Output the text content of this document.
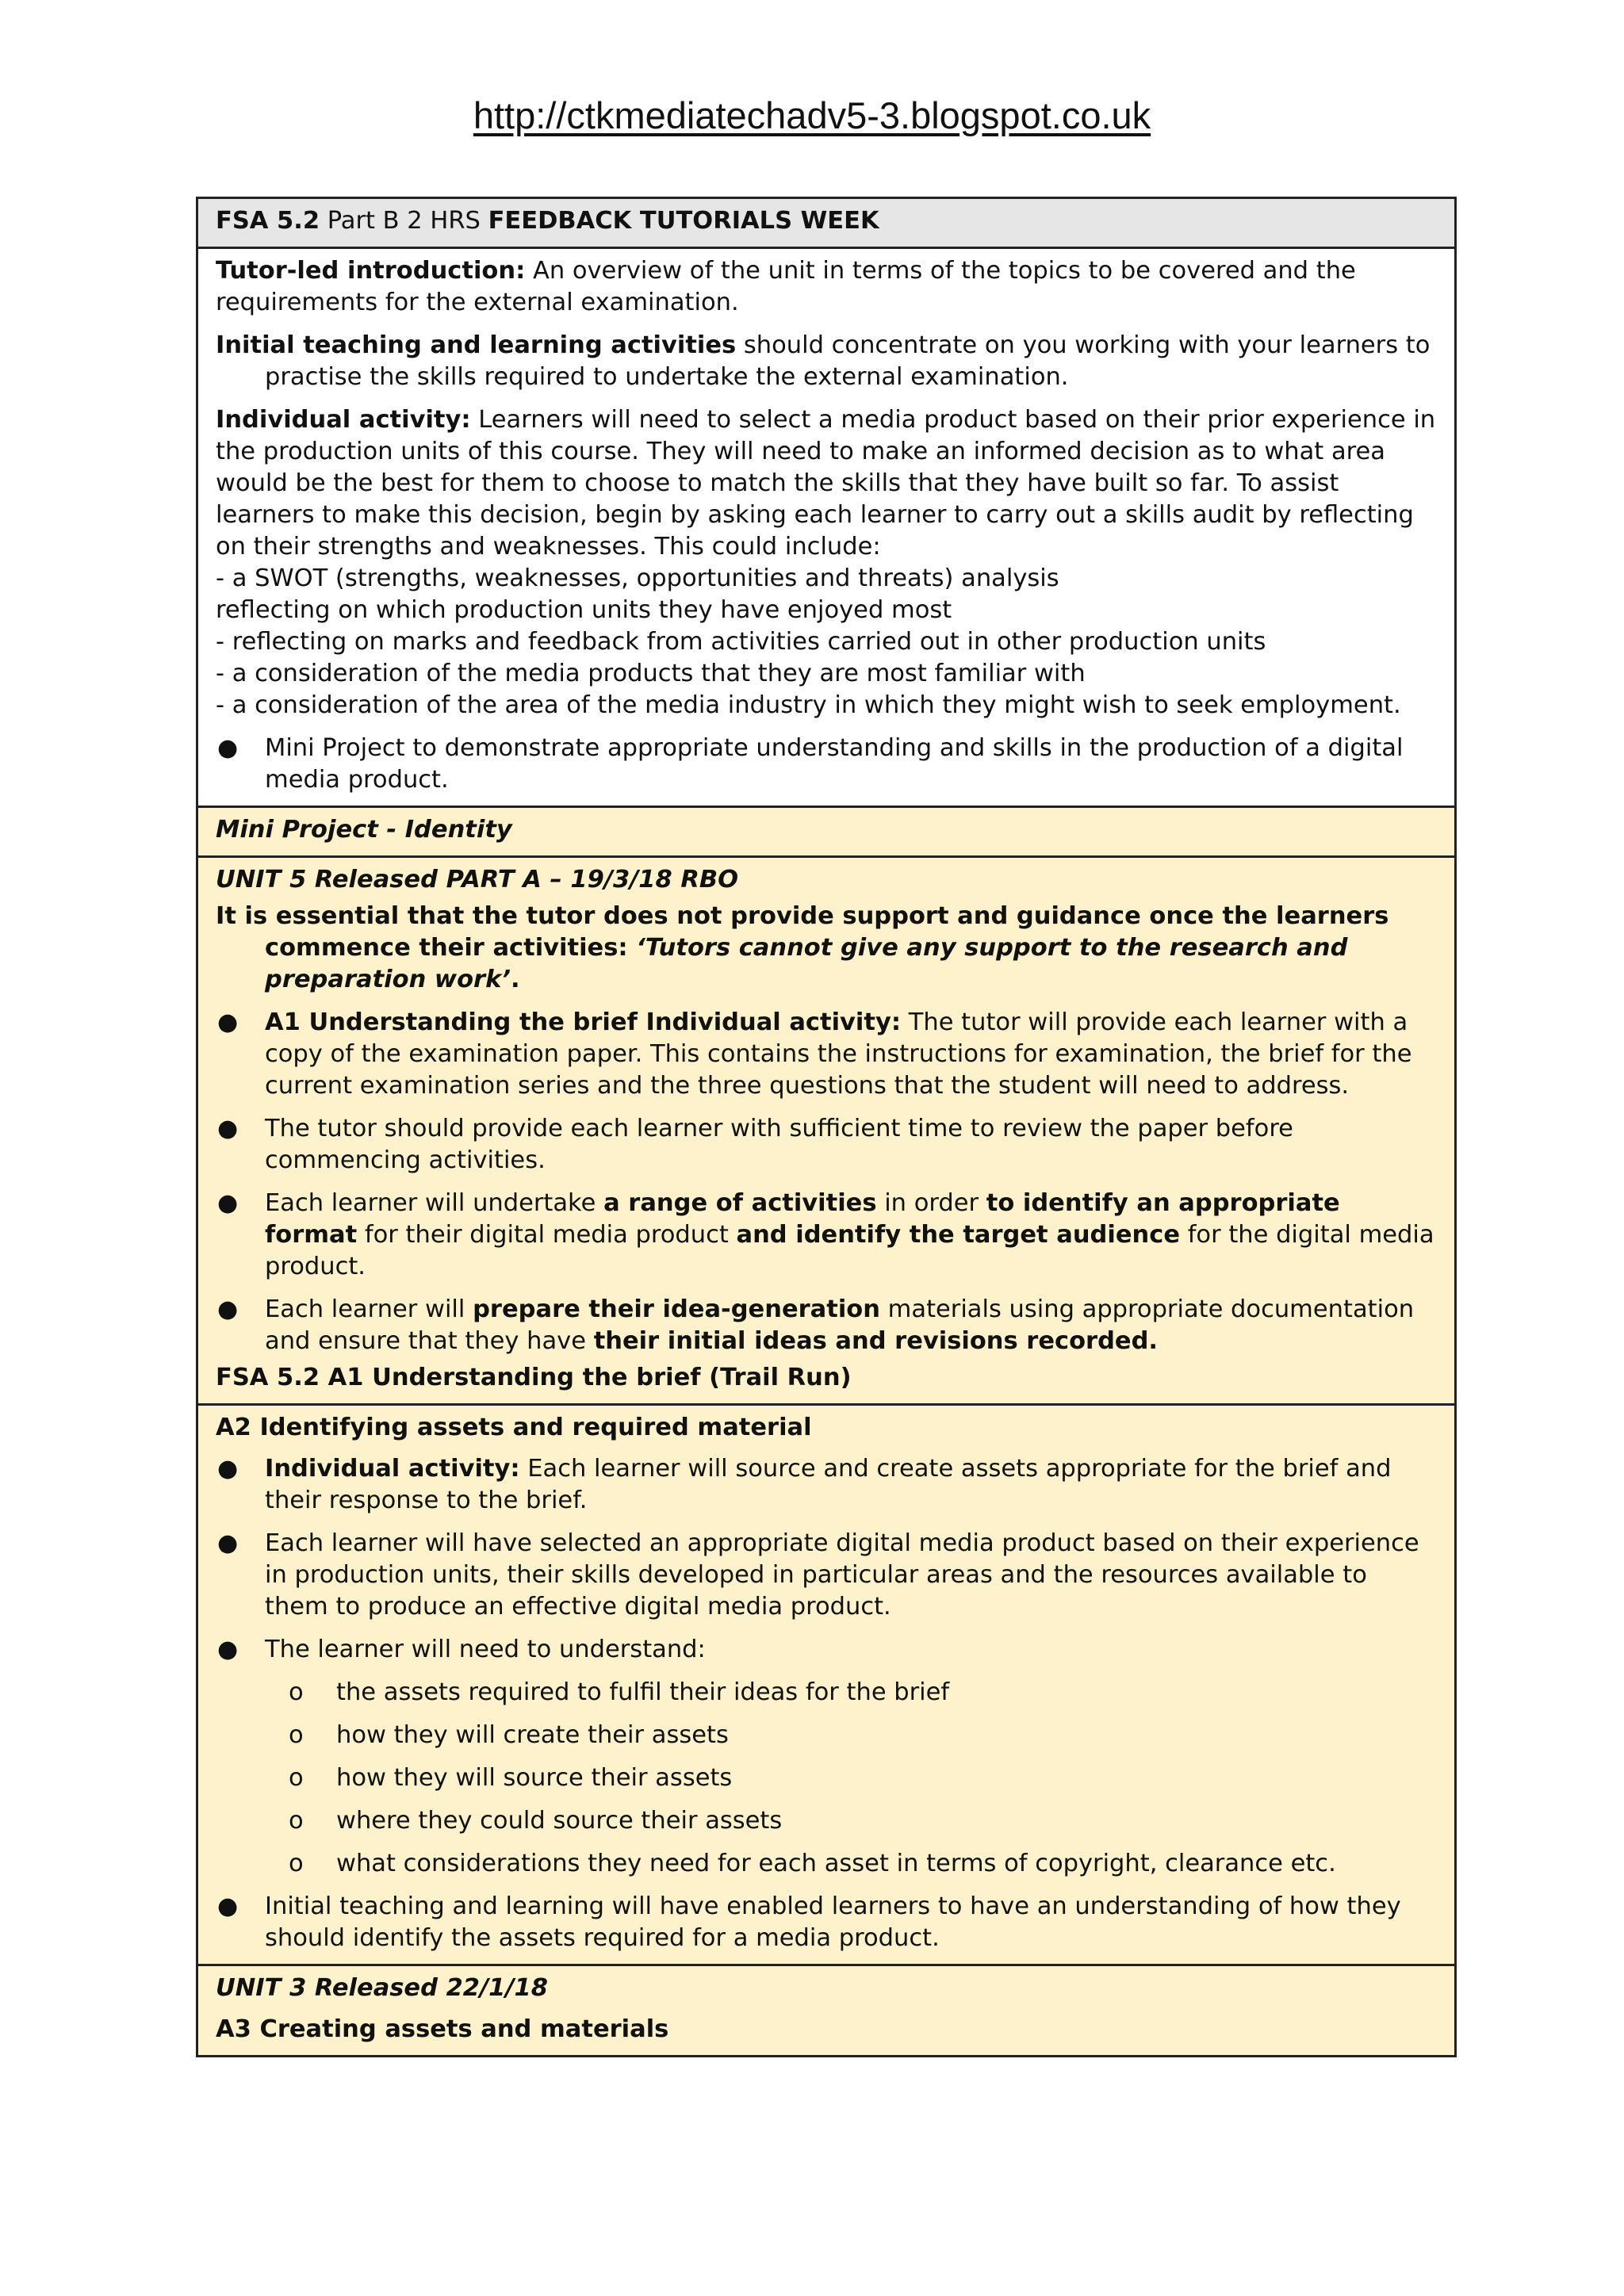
http://ctkmediatechadv5-3.blogspot.co.uk
FSA 5.2 Part B 2 HRS FEEDBACK TUTORIALS WEEK

Tutor-led introduction: An overview of the unit in terms of the topics to be covered and the requirements for the external examination.

Initial teaching and learning activities should concentrate on you working with your learners to practise the skills required to undertake the external examination.

Individual activity: Learners will need to select a media product based on their prior experience in the production units of this course. They will need to make an informed decision as to what area would be the best for them to choose to match the skills that they have built so far. To assist learners to make this decision, begin by asking each learner to carry out a skills audit by reflecting on their strengths and weaknesses. This could include:

- a SWOT (strengths, weaknesses, opportunities and threats) analysis
reflecting on which production units they have enjoyed most
- reflecting on marks and feedback from activities carried out in other production units
- a consideration of the media products that they are most familiar with
- a consideration of the area of the media industry in which they might wish to seek employment.
● Mini Project to demonstrate appropriate understanding and skills in the production of a digital media product.

Mini Project - Identity

UNIT 5 Released PART A – 19/3/18 RBO

It is essential that the tutor does not provide support and guidance once the learners commence their activities: ‘Tutors cannot give any support to the research and preparation work’.

● A1 Understanding the brief Individual activity: The tutor will provide each learner with a copy of the examination paper. This contains the instructions for examination, the brief for the current examination series and the three questions that the student will need to address.
● The tutor should provide each learner with sufficient time to review the paper before commencing activities.
● Each learner will undertake a range of activities in order to identify an appropriate format for their digital media product and identify the target audience for the digital media product.
● Each learner will prepare their idea-generation materials using appropriate documentation and ensure that they have their initial ideas and revisions recorded.

FSA 5.2 A1 Understanding the brief (Trail Run)

A2 Identifying assets and required material

● Individual activity: Each learner will source and create assets appropriate for the brief and their response to the brief.
● Each learner will have selected an appropriate digital media product based on their experience in production units, their skills developed in particular areas and the resources available to them to produce an effective digital media product.
● The learner will need to understand:
o the assets required to fulfil their ideas for the brief
o how they will create their assets
o how they will source their assets
o where they could source their assets
o what considerations they need for each asset in terms of copyright, clearance etc.
● Initial teaching and learning will have enabled learners to have an understanding of how they should identify the assets required for a media product.

UNIT 3 Released 22/1/18

A3 Creating assets and materials
